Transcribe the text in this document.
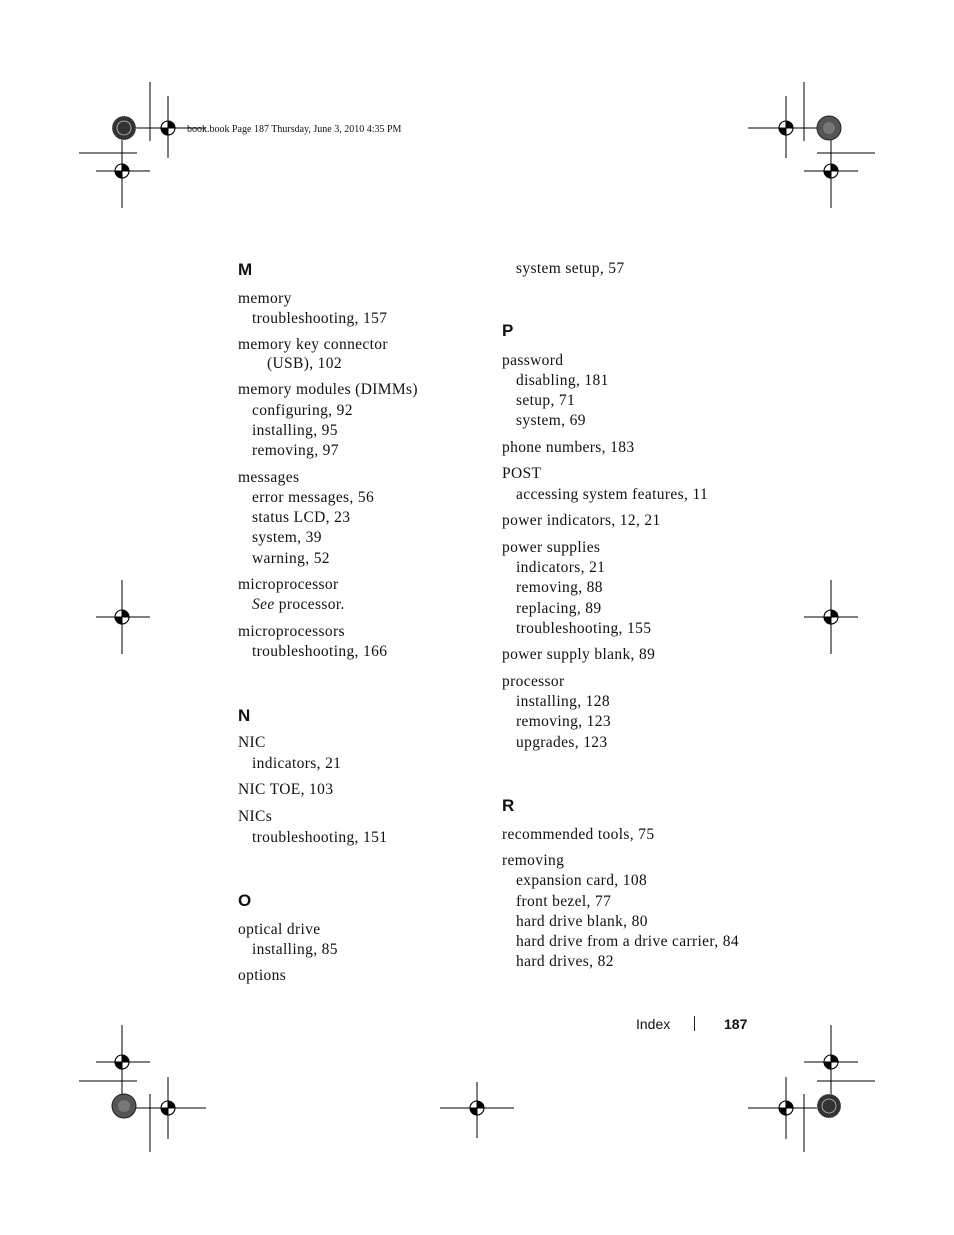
book.book Page 187 Thursday, June 3, 2010 4:35 PM
M
memory
troubleshooting, 157
memory key connector
(USB), 102
memory modules (DIMMs)
configuring, 92
installing, 95
removing, 97
messages
error messages, 56
status LCD, 23
system, 39
warning, 52
microprocessor
See processor.
microprocessors
troubleshooting, 166
N
NIC
indicators, 21
NIC TOE, 103
NICs
troubleshooting, 151
O
optical drive
installing, 85
options
system setup, 57
P
password
disabling, 181
setup, 71
system, 69
phone numbers, 183
POST
accessing system features, 11
power indicators, 12, 21
power supplies
indicators, 21
removing, 88
replacing, 89
troubleshooting, 155
power supply blank, 89
processor
installing, 128
removing, 123
upgrades, 123
R
recommended tools, 75
removing
expansion card, 108
front bezel, 77
hard drive blank, 80
hard drive from a drive carrier, 84
hard drives, 82
Index	187
